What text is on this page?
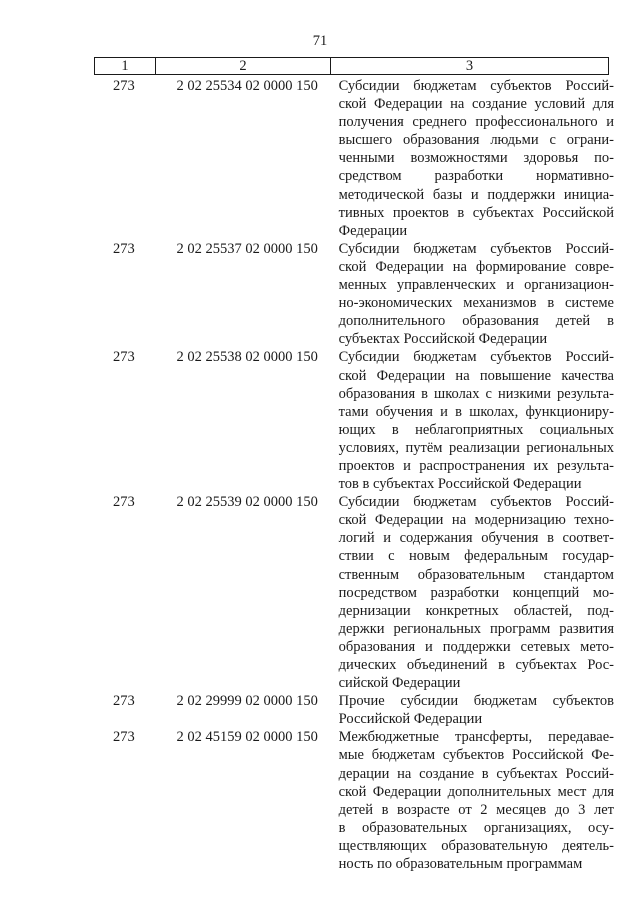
71
1	2	3
273	2 02 25534 02 0000 150	Субсидии бюджетам субъектов Россий-
ской Федерации на создание условий для
получения среднего профессионального и
высшего образования людьми с ограни-
ченными возможностями здоровья по-
средством разработки нормативно-
методической базы и поддержки инициа-
тивных проектов в субъектах Российской
Федерации
273	2 02 25537 02 0000 150	Субсидии бюджетам субъектов Россий-
ской Федерации на формирование совре-
менных управленческих и организацион-
но-экономических механизмов в системе
дополнительного образования детей в
субъектах Российской Федерации
273	2 02 25538 02 0000 150	Субсидии бюджетам субъектов Россий-
ской Федерации на повышение качества
образования в школах с низкими результа-
тами обучения и в школах, функциониру-
ющих в неблагоприятных социальных
условиях, путём реализации региональных
проектов и распространения их результа-
тов в субъектах Российской Федерации
273	2 02 25539 02 0000 150	Субсидии бюджетам субъектов Россий-
ской Федерации на модернизацию техно-
логий и содержания обучения в соответ-
ствии с новым федеральным государ-
ственным образовательным стандартом
посредством разработки концепций мо-
дернизации конкретных областей, под-
держки региональных программ развития
образования и поддержки сетевых мето-
дических объединений в субъектах Рос-
сийской Федерации
273	2 02 29999 02 0000 150	Прочие субсидии бюджетам субъектов
Российской Федерации
273	2 02 45159 02 0000 150	Межбюджетные трансферты, передавае-
мые бюджетам субъектов Российской Фе-
дерации на создание в субъектах Россий-
ской Федерации дополнительных мест для
детей в возрасте от 2 месяцев до 3 лет
в образовательных организациях, осу-
ществляющих образовательную деятель-
ность по образовательным программам
